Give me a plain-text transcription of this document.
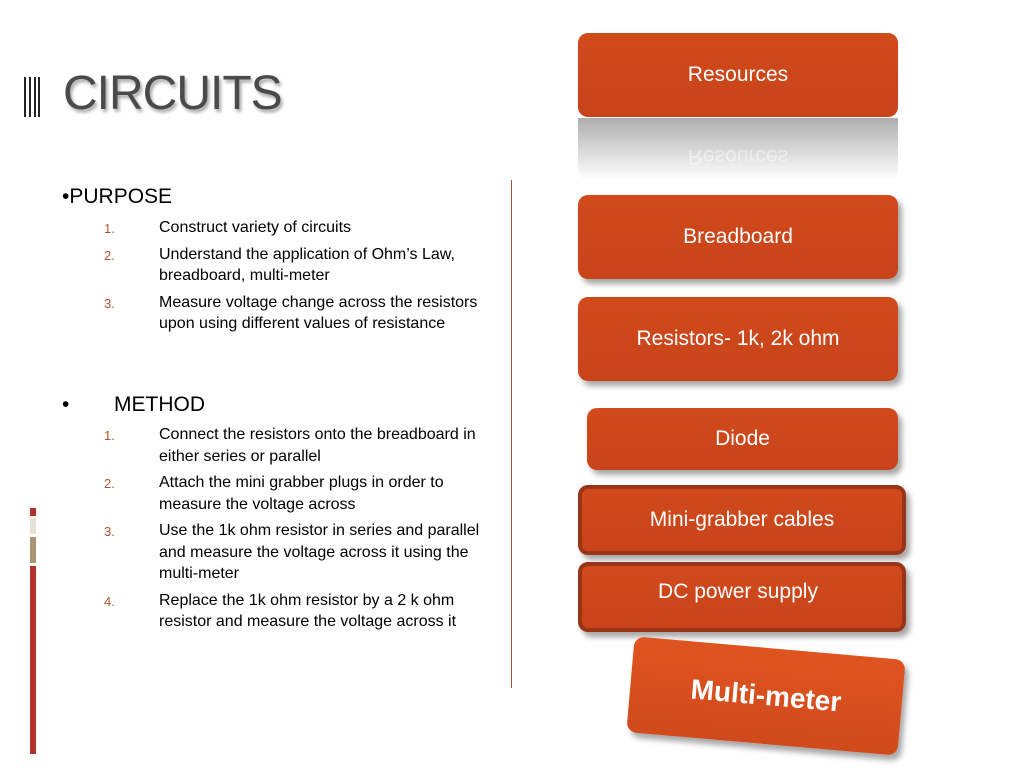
CIRCUITS
•PURPOSE
1.	Construct variety of circuits
2.	Understand the application of Ohm’s Law, breadboard, multi-meter
3.	Measure voltage change across the resistors upon using different values of resistance
• METHOD
1.	Connect the resistors onto the breadboard in either series or parallel
2.	Attach the mini grabber plugs in order to measure the voltage across
3.	Use the 1k ohm resistor in series and parallel and measure the voltage across it using the multi-meter
4.	Replace the 1k ohm resistor by a 2 k ohm resistor and measure the voltage across it
Resources
Resources
Breadboard
Resistors- 1k, 2k ohm
Diode
Mini-grabber cables
DC power supply
Multi-meter
